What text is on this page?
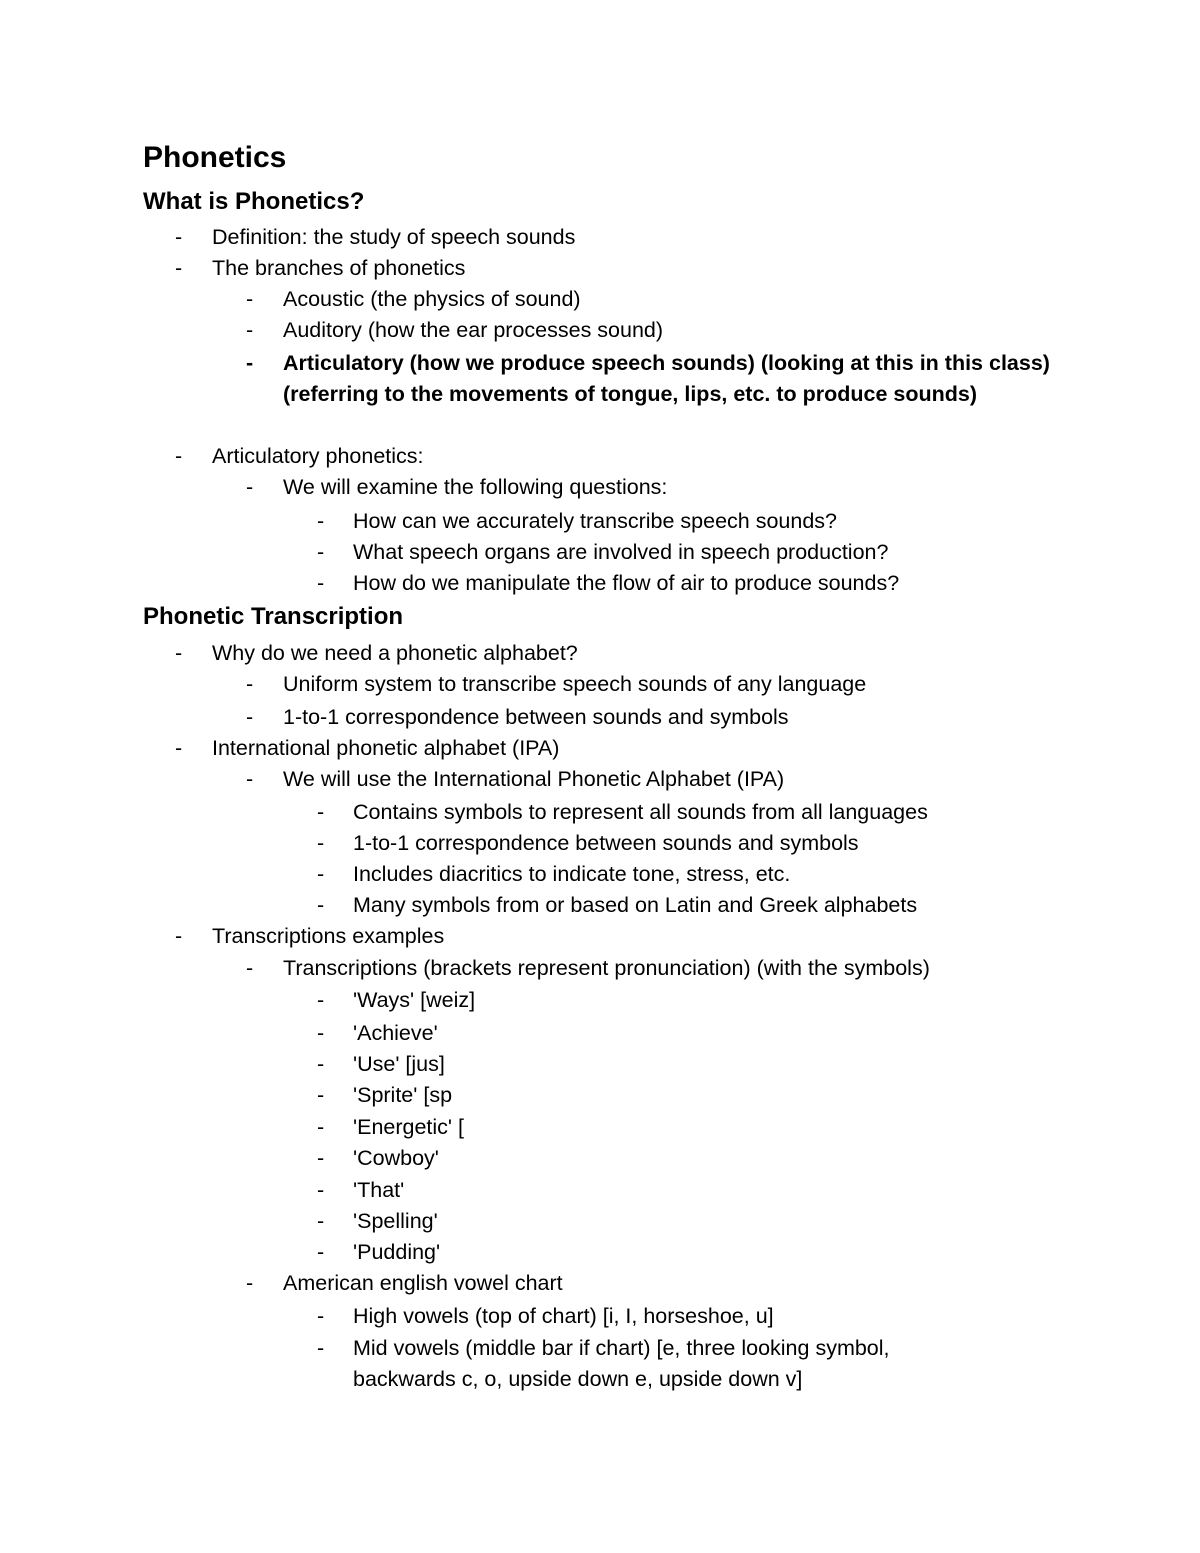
Phonetics
What is Phonetics?
- Definition: the study of speech sounds
- The branches of phonetics
- Acoustic (the physics of sound)
- Auditory (how the ear processes sound)
- Articulatory (how we produce speech sounds) (looking at this in this class) (referring to the movements of tongue, lips, etc. to produce sounds)
- Articulatory phonetics:
- We will examine the following questions:
- How can we accurately transcribe speech sounds?
- What speech organs are involved in speech production?
- How do we manipulate the flow of air to produce sounds?
Phonetic Transcription
- Why do we need a phonetic alphabet?
- Uniform system to transcribe speech sounds of any language
- 1-to-1 correspondence between sounds and symbols
- International phonetic alphabet (IPA)
- We will use the International Phonetic Alphabet (IPA)
- Contains symbols to represent all sounds from all languages
- 1-to-1 correspondence between sounds and symbols
- Includes diacritics to indicate tone, stress, etc.
- Many symbols from or based on Latin and Greek alphabets
- Transcriptions examples
- Transcriptions (brackets represent pronunciation) (with the symbols)
- 'Ways' [weiz]
- 'Achieve'
- 'Use' [jus]
- 'Sprite' [sp
- 'Energetic' [
- 'Cowboy'
- 'That'
- 'Spelling'
- 'Pudding'
- American english vowel chart
- High vowels (top of chart) [i, I, horseshoe, u]
- Mid vowels (middle bar if chart) [e, three looking symbol, backwards c, o, upside down e, upside down v]
